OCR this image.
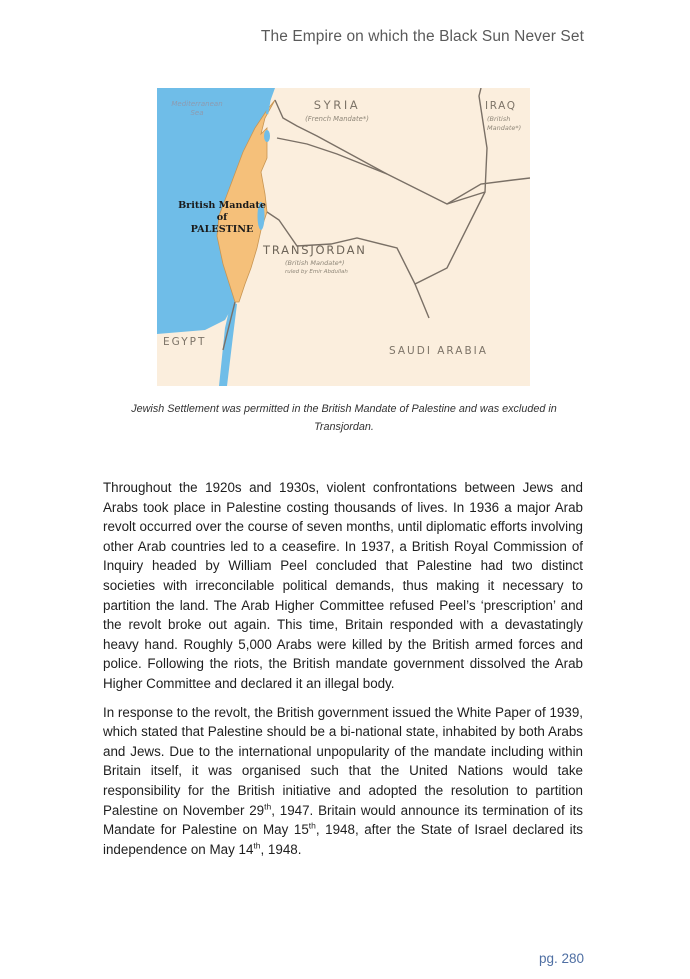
The Empire on which the Black Sun Never Set
Mediterranean
Sea
SYRIA
(French Mandate*)
IRAQ
(British
Mandate*)
British Mandate
of
PALESTINE
TRANSJORDAN
(British Mandate*)
ruled by Emir Abdullah
EGYPT
SAUDI ARABIA
Jewish Settlement was permitted in the British Mandate of Palestine and was excluded in
Transjordan.

Throughout the 1920s and 1930s, violent confrontations between Jews and Arabs took place in Palestine costing thousands of lives. In 1936 a major Arab revolt occurred over the course of seven months, until diplomatic efforts involving other Arab countries led to a ceasefire. In 1937, a British Royal Commission of Inquiry headed by William Peel concluded that Palestine had two distinct societies with irreconcilable political demands, thus making it necessary to partition the land. The Arab Higher Committee refused Peel’s ‘prescription’ and the revolt broke out again. This time, Britain responded with a devastatingly heavy hand. Roughly 5,000 Arabs were killed by the British armed forces and police. Following the riots, the British mandate government dissolved the Arab Higher Committee and declared it an illegal body.

In response to the revolt, the British government issued the White Paper of 1939, which stated that Palestine should be a bi-national state, inhabited by both Arabs and Jews. Due to the international unpopularity of the mandate including within Britain itself, it was organised such that the United Nations would take responsibility for the British initiative and adopted the resolution to partition Palestine on November 29th, 1947. Britain would announce its termination of its Mandate for Palestine on May 15th, 1948, after the State of Israel declared its independence on May 14th, 1948.

pg. 280
